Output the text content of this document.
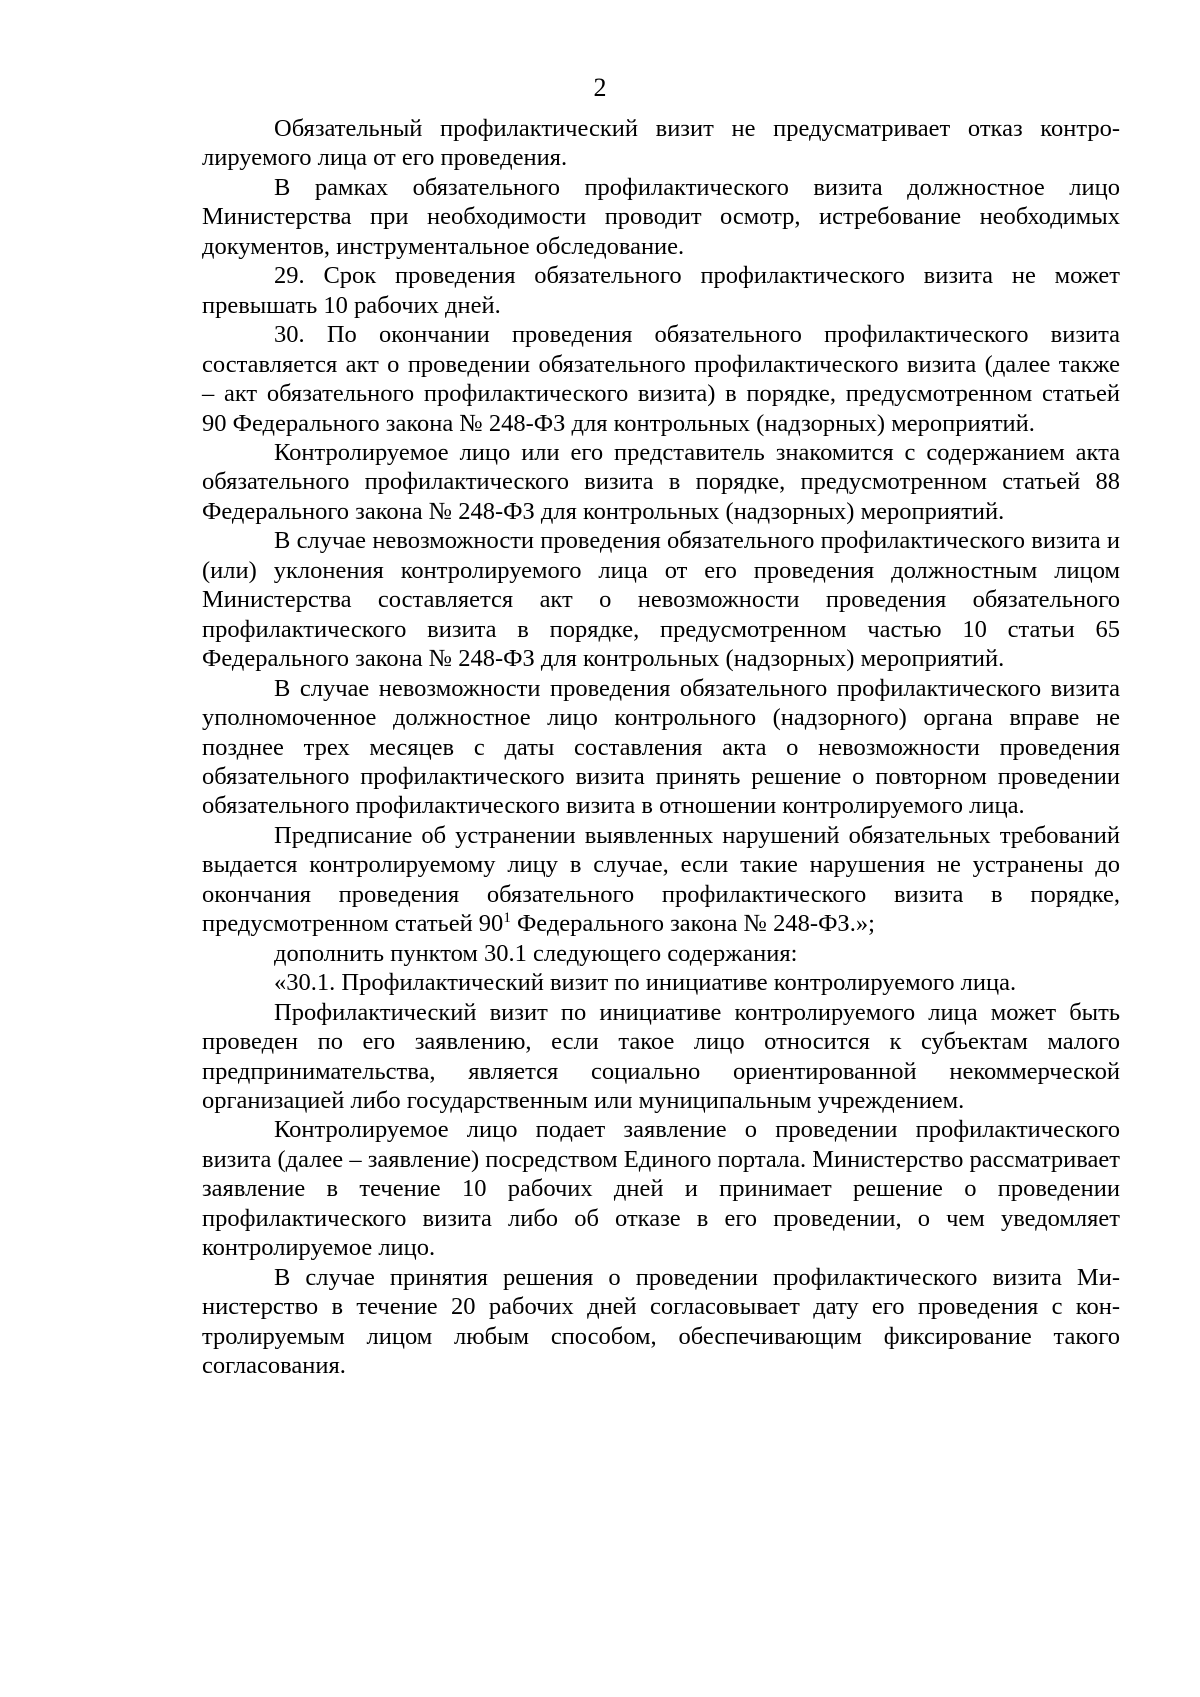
2

Обязательный профилактический визит не предусматривает отказ контролируемого лица от его проведения.

В рамках обязательного профилактического визита должностное лицо Министерства при необходимости проводит осмотр, истребование необходимых документов, инструментальное обследование.

29. Срок проведения обязательного профилактического визита не может превышать 10 рабочих дней.

30. По окончании проведения обязательного профилактического визита составляется акт о проведении обязательного профилактического визита (далее также – акт обязательного профилактического визита) в порядке, предусмотренном статьей 90 Федерального закона № 248-ФЗ для контрольных (надзорных) мероприятий.

Контролируемое лицо или его представитель знакомится с содержанием акта обязательного профилактического визита в порядке, предусмотренном статьей 88 Федерального закона № 248-ФЗ для контрольных (надзорных) мероприятий.

В случае невозможности проведения обязательного профилактического визита и (или) уклонения контролируемого лица от его проведения должностным лицом Министерства составляется акт о невозможности проведения обязательного профилактического визита в порядке, предусмотренном частью 10 статьи 65 Федерального закона № 248-ФЗ для контрольных (надзорных) мероприятий.

В случае невозможности проведения обязательного профилактического визита уполномоченное должностное лицо контрольного (надзорного) органа вправе не позднее трех месяцев с даты составления акта о невозможности проведения обязательного профилактического визита принять решение о повторном проведении обязательного профилактического визита в отношении контролируемого лица.

Предписание об устранении выявленных нарушений обязательных требований выдается контролируемому лицу в случае, если такие нарушения не устранены до окончания проведения обязательного профилактического визита в порядке, предусмотренном статьей $90^1$ Федерального закона № 248-ФЗ.»;

дополнить пунктом 30.1 следующего содержания:

«30.1. Профилактический визит по инициативе контролируемого лица.

Профилактический визит по инициативе контролируемого лица может быть проведен по его заявлению, если такое лицо относится к субъектам малого предпринимательства, является социально ориентированной некоммерческой организацией либо государственным или муниципальным учреждением.

Контролируемое лицо подает заявление о проведении профилактического визита (далее – заявление) посредством Единого портала. Министерство рассматривает заявление в течение 10 рабочих дней и принимает решение о проведении профилактического визита либо об отказе в его проведении, о чем уведомляет контролируемое лицо.

В случае принятия решения о проведении профилактического визита Министерство в течение 20 рабочих дней согласовывает дату его проведения с контролируемым лицом любым способом, обеспечивающим фиксирование такого согласования.
